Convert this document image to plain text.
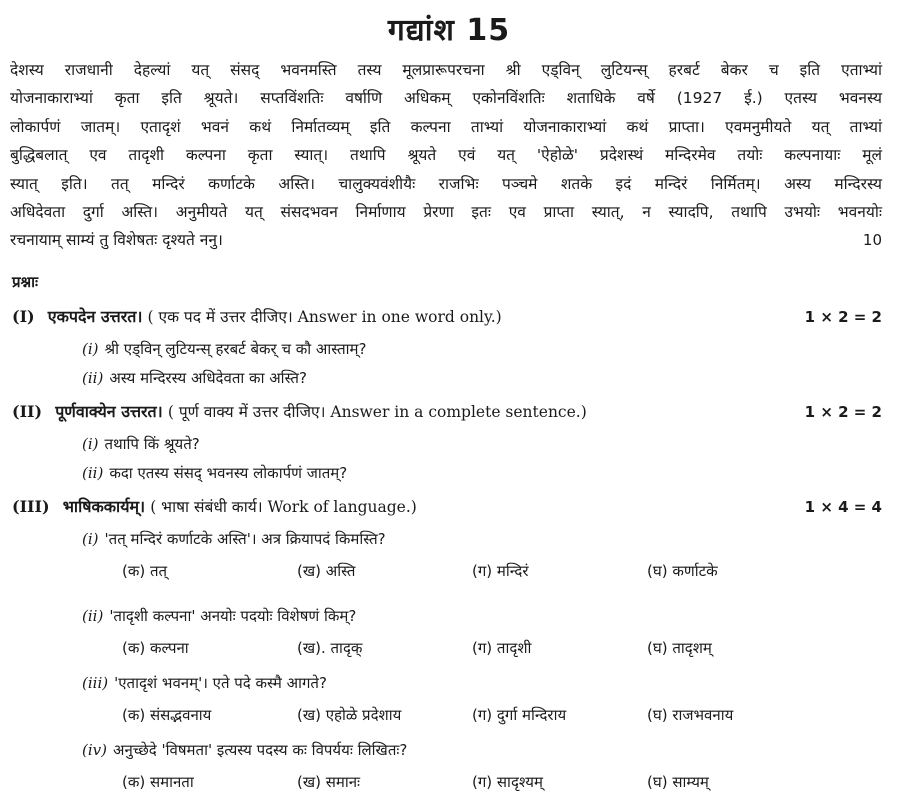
गद्यांश 15
देशस्य राजधानी देहल्यां यत् संसद् भवनमस्ति तस्य मूलप्रारूपरचना श्री एड्विन् लुटियन्स् हरबर्ट बेकर च इति एताभ्यां
योजनाकाराभ्यां कृता इति श्रूयते। सप्तविंशतिः वर्षाणि अधिकम् एकोनविंशतिः शताधिके वर्षे (1927 ई.) एतस्य भवनस्य
लोकार्पणं जातम्। एतादृशं भवनं कथं निर्मातव्यम् इति कल्पना ताभ्यां योजनाकाराभ्यां कथं प्राप्ता। एवमनुमीयते यत् ताभ्यां
बुद्धिबलात् एव तादृशी कल्पना कृता स्यात्। तथापि श्रूयते एवं यत् 'ऐहोळे' प्रदेशस्थं मन्दिरमेव तयोः कल्पनायाः मूलं
स्यात् इति। तत् मन्दिरं कर्णाटके अस्ति। चालुक्यवंशीयैः राजभिः पञ्चमे शतके इदं मन्दिरं निर्मितम्। अस्य मन्दिरस्य
अधिदेवता दुर्गा अस्ति। अनुमीयते यत् संसदभवन निर्माणाय प्रेरणा इतः एव प्राप्ता स्यात्, न स्यादपि, तथापि उभयोः भवनयोः
रचनायाम् साम्यं तु विशेषतः दृश्यते ननु।	10
प्रश्नाः
(I) एकपदेन उत्तरत। ( एक पद में उत्तर दीजिए। Answer in one word only.)	1 × 2 = 2
(i) श्री एड्विन् लुटियन्स् हरबर्ट बेकर् च कौ आस्ताम्?
(ii) अस्य मन्दिरस्य अधिदेवता का अस्ति?
(II) पूर्णवाक्येन उत्तरत। ( पूर्ण वाक्य में उत्तर दीजिए। Answer in a complete sentence.)	1 × 2 = 2
(i) तथापि किं श्रूयते?
(ii) कदा एतस्य संसद् भवनस्य लोकार्पणं जातम्?
(III) भाषिककार्यम्। ( भाषा संबंधी कार्य। Work of language.)	1 × 4 = 4
(i) 'तत् मन्दिरं कर्णाटके अस्ति'। अत्र क्रियापदं किमस्ति?
(क) तत्	(ख) अस्ति	(ग) मन्दिरं	(घ) कर्णाटके
(ii) 'तादृशी कल्पना' अनयोः पदयोः विशेषणं किम्?
(क) कल्पना	(ख). तादृक्	(ग) तादृशी	(घ) तादृशम्
(iii) 'एतादृशं भवनम्'। एते पदे कस्मै आगते?
(क) संसद्भवनाय	(ख) एहोळे प्रदेशाय	(ग) दुर्गा मन्दिराय	(घ) राजभवनाय
(iv) अनुच्छेदे 'विषमता' इत्यस्य पदस्य कः विपर्ययः लिखितः?
(क) समानता	(ख) समानः	(ग) सादृश्यम्	(घ) साम्यम्
